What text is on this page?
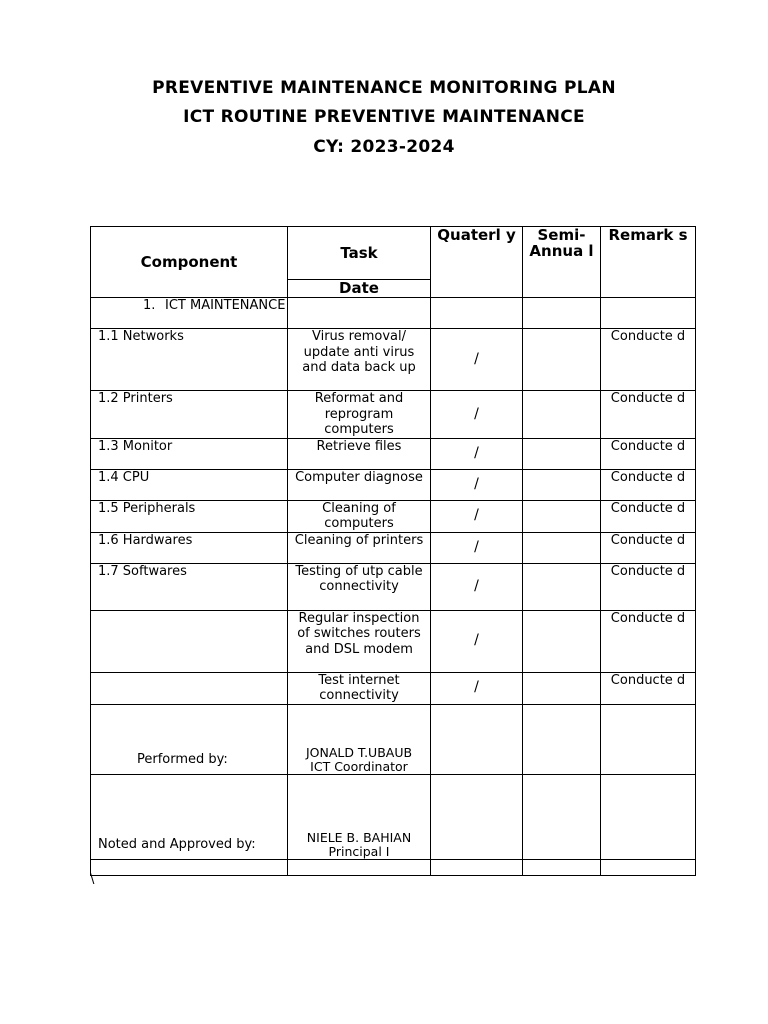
PREVENTIVE MAINTENANCE MONITORING PLAN
ICT ROUTINE PREVENTIVE MAINTENANCE
CY: 2023-2024
Component	Task	Quaterl y	Semi- Annua l	Remark s
	Date			
1. ICT MAINTENANCE				
1.1 Networks	Virus removal/ update anti virus and data back up	/		Conducte d
1.2 Printers	Reformat and reprogram computers	/		Conducte d
1.3 Monitor	Retrieve files	/		Conducte d
1.4 CPU	Computer diagnose	/		Conducte d
1.5 Peripherals	Cleaning of computers	/		Conducte d
1.6 Hardwares	Cleaning of printers	/		Conducte d
1.7 Softwares	Testing of utp cable connectivity	/		Conducte d
	Regular inspection of switches routers and DSL modem	/		Conducte d
	Test internet connectivity	/		Conducte d
Performed by:	JONALD T.UBAUB
ICT Coordinator			

Noted and Approved by:	NIELE B. BAHIAN
Principal I			

\
